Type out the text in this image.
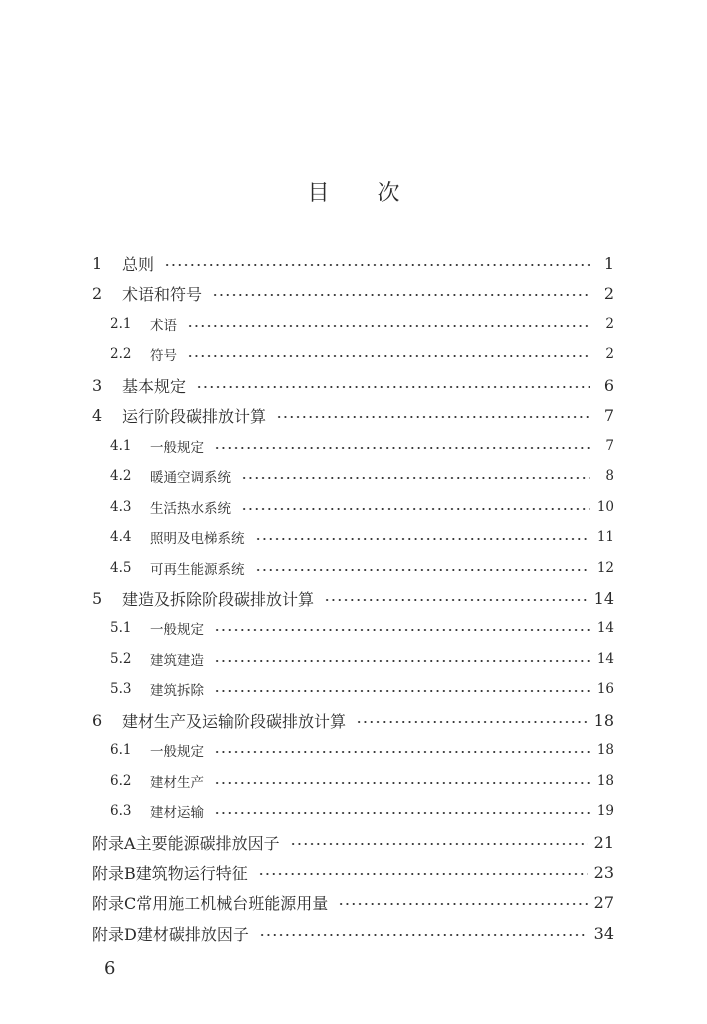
目 次
1	总则	1
2	术语和符号	2
2.1	术语	2
2.2	符号	2
3	基本规定	6
4	运行阶段碳排放计算	7
4.1	一般规定	7
4.2	暖通空调系统	8
4.3	生活热水系统	10
4.4	照明及电梯系统	11
4.5	可再生能源系统	12
5	建造及拆除阶段碳排放计算	14
5.1	一般规定	14
5.2	建筑建造	14
5.3	建筑拆除	16
6	建材生产及运输阶段碳排放计算	18
6.1	一般规定	18
6.2	建材生产	18
6.3	建材运输	19
附录A 主要能源碳排放因子	21
附录B 建筑物运行特征	23
附录C 常用施工机械台班能源用量	27
附录D 建材碳排放因子	34
6
